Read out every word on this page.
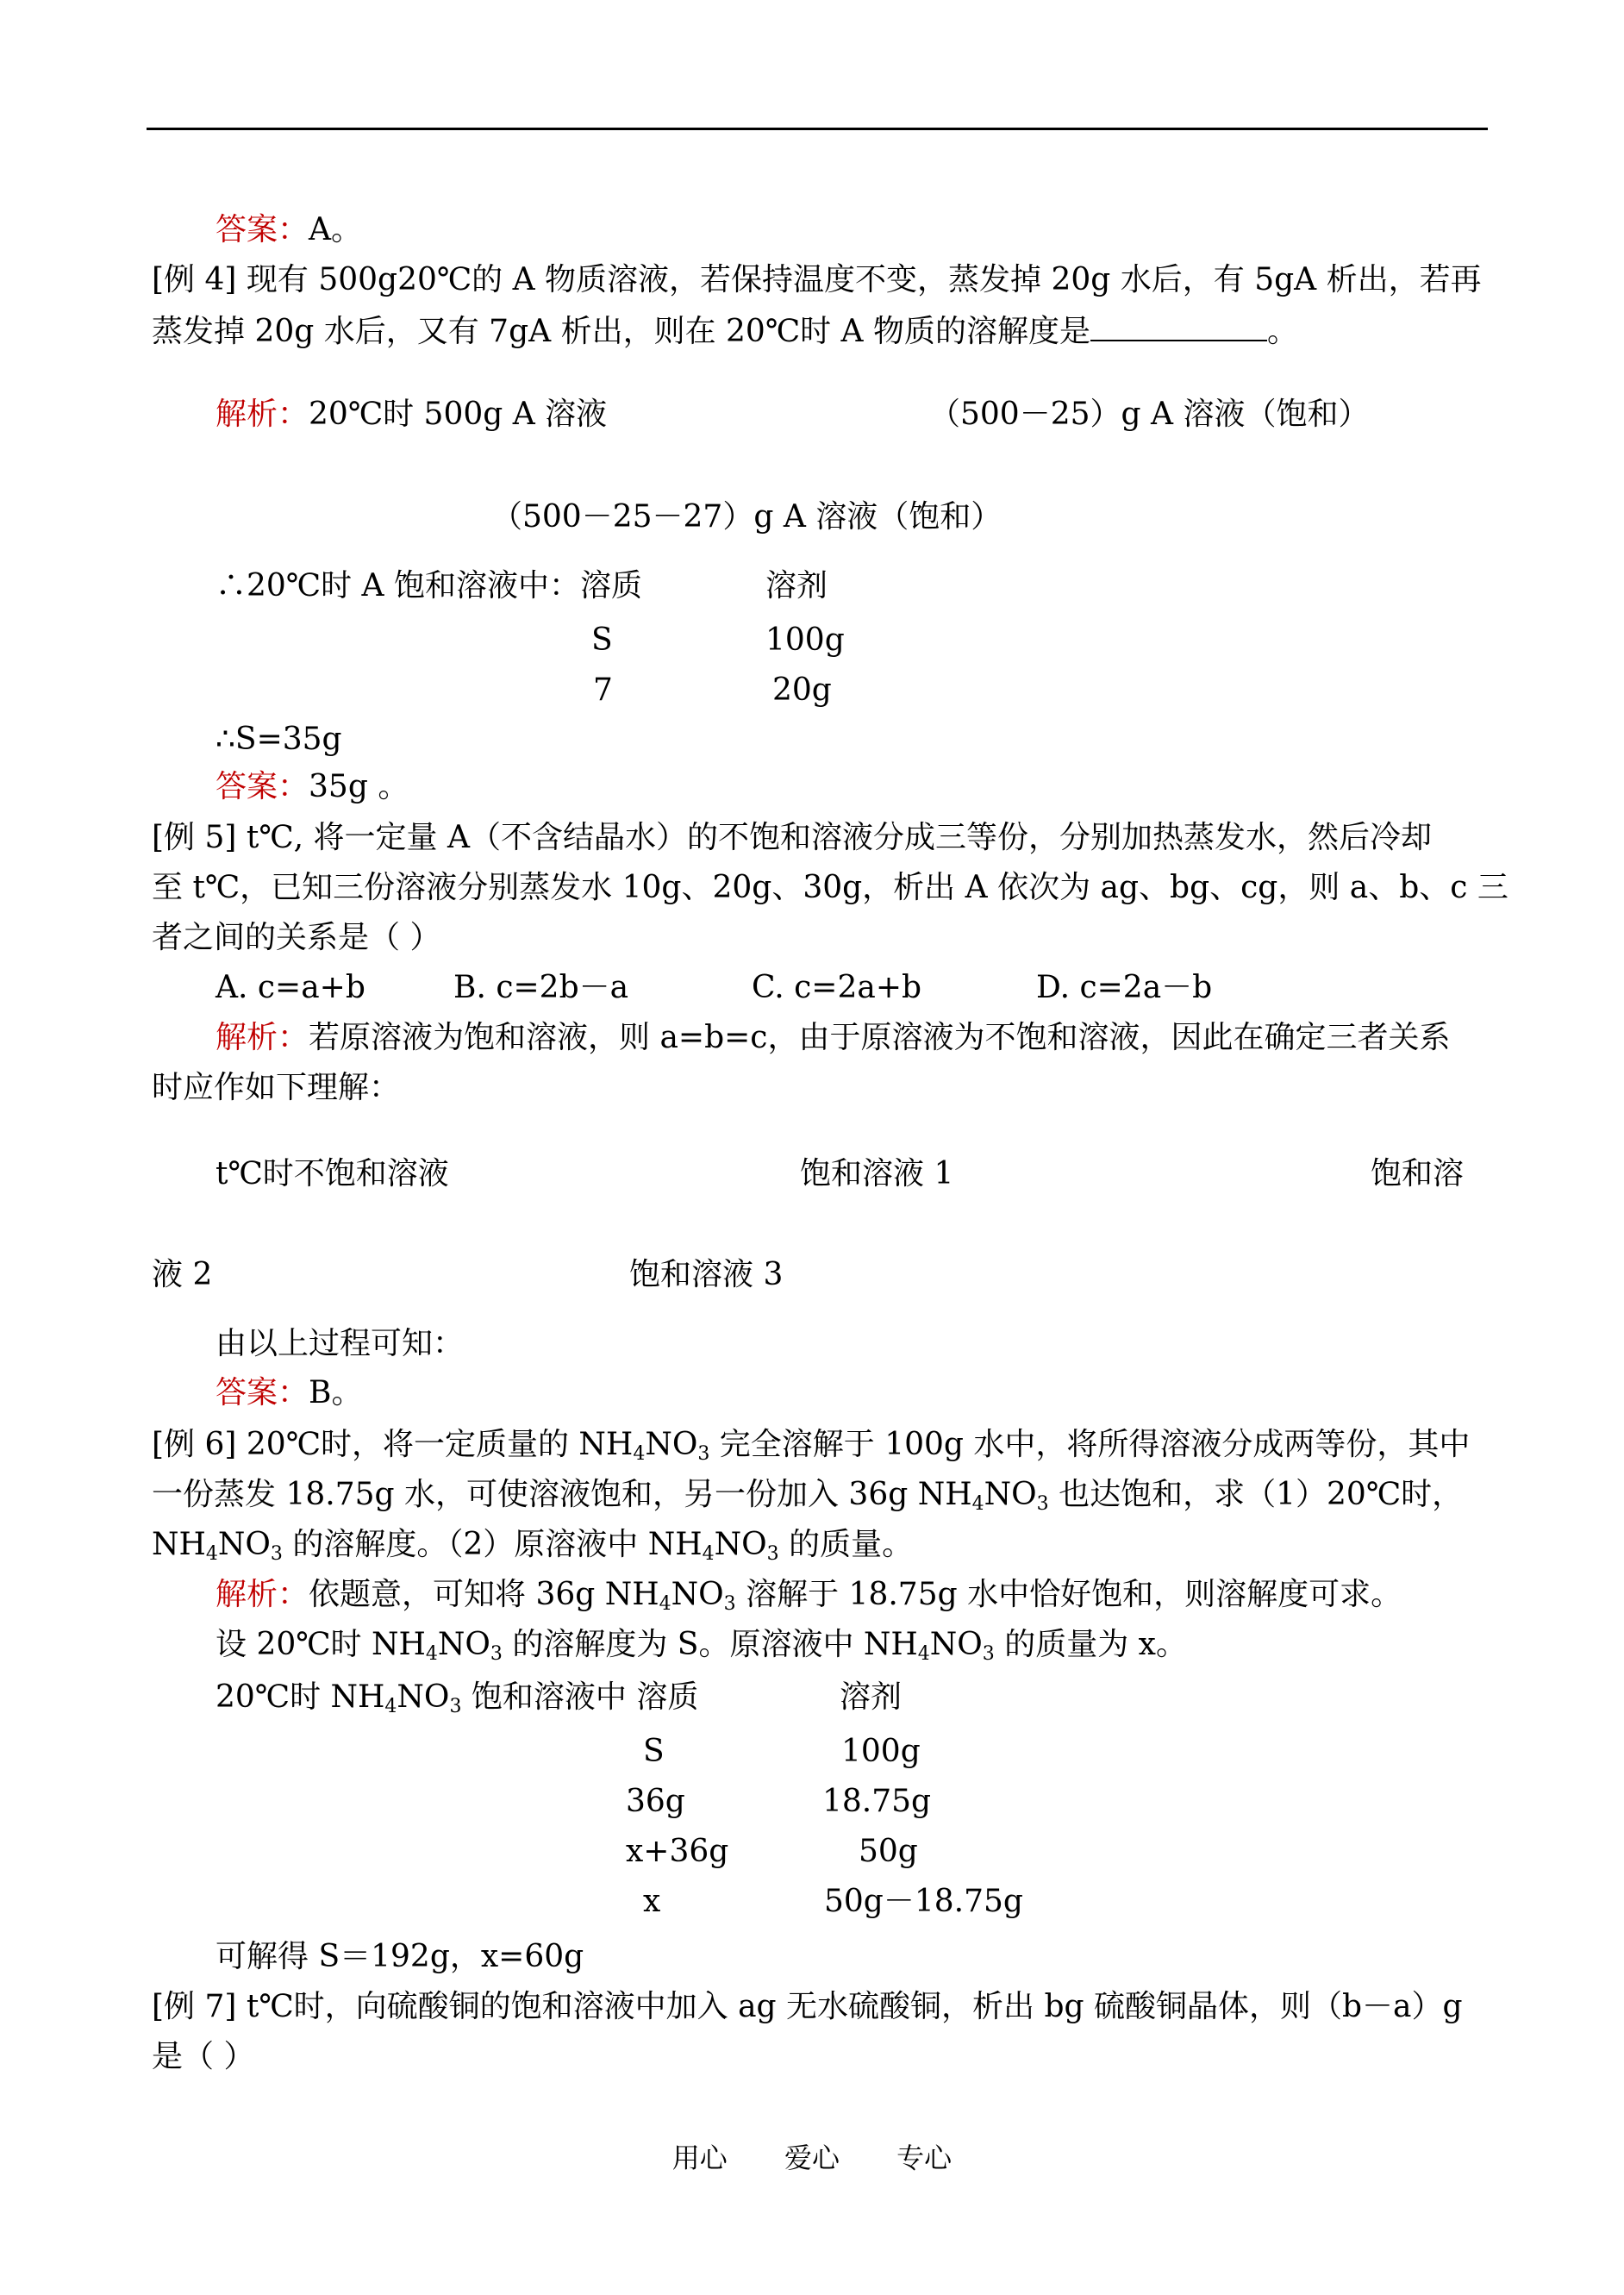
答案：A。
[例 4] 现有 500g20℃的 A 物质溶液，若保持温度不变，蒸发掉 20g 水后，有 5gA 析出，若再
蒸发掉 20g 水后，又有 7gA 析出，则在 20℃时 A 物质的溶解度是	。
解析：20℃时 500g A 溶液	（500－25）g A 溶液（饱和）
（500－25－27）g A 溶液（饱和）
∴20℃时 A 饱和溶液中：溶质	溶剂
S	100g
7	20g
∴S=35g
答案：35g 。
[例 5] t℃, 将一定量 A（不含结晶水）的不饱和溶液分成三等份，分别加热蒸发水，然后冷却
至 t℃，已知三份溶液分别蒸发水 10g、20g、30g，析出 A 依次为 ag、bg、cg，则 a、b、c 三
者之间的关系是（ ）
A. c=a+b	B. c=2b－a	C. c=2a+b	D. c=2a－b
解析：若原溶液为饱和溶液，则 a=b=c，由于原溶液为不饱和溶液，因此在确定三者关系
时应作如下理解：
t℃时不饱和溶液	饱和溶液 1	饱和溶
液 2	饱和溶液 3
由以上过程可知：
答案：B。
[例 6] 20℃时，将一定质量的 $NH_4NO_3$ 完全溶解于 100g 水中，将所得溶液分成两等份，其中
一份蒸发 18.75g 水，可使溶液饱和，另一份加入 36g $NH_4NO_3$ 也达饱和，求（1）20℃时，
$NH_4NO_3$ 的溶解度。（2）原溶液中 $NH_4NO_3$ 的质量。
解析：依题意，可知将 36g $NH_4NO_3$ 溶解于 18.75g 水中恰好饱和，则溶解度可求。
设 20℃时 $NH_4NO_3$ 的溶解度为 S。原溶液中 $NH_4NO_3$ 的质量为 x。
20℃时 $NH_4NO_3$ 饱和溶液中 溶质	溶剂
S	100g
36g	18.75g
x+36g	50g
x	50g－18.75g
可解得 S＝192g，x=60g
[例 7] t℃时，向硫酸铜的饱和溶液中加入 ag 无水硫酸铜，析出 bg 硫酸铜晶体，则（b－a）g
是（ ）
用心 爱心 专心
